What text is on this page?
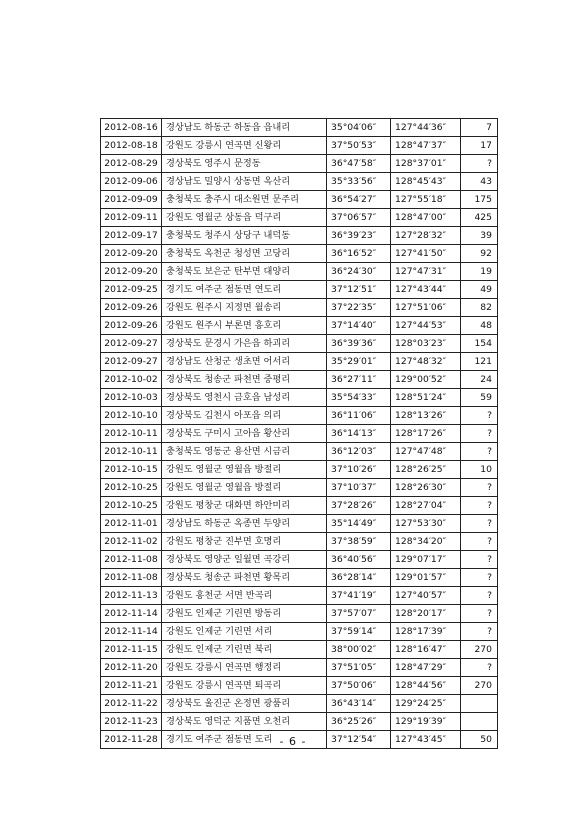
2012-08-16	경상남도 하동군 하동읍 읍내리	35°04′06″	127°44′36″	7
2012-08-18	강원도 강릉시 연곡면 신왕리	37°50′53″	128°47′37″	17
2012-08-29	경상북도 영주시 문정동	36°47′58″	128°37′01″	?
2012-09-06	경상남도 밀양시 상동면 옥산리	35°33′56″	128°45′43″	43
2012-09-09	충청북도 충주시 대소원면 문주리	36°54′27″	127°55′18″	175
2012-09-11	강원도 영월군 상동읍 덕구리	37°06′57″	128°47′00″	425
2012-09-17	충청북도 청주시 상당구 내덕동	36°39′23″	127°28′32″	39
2012-09-20	충청북도 옥천군 청성면 고당리	36°16′52″	127°41′50″	92
2012-09-20	충청북도 보은군 탄부면 대양리	36°24′30″	127°47′31″	19
2012-09-25	경기도 여주군 점동면 연도리	37°12′51″	127°43′44″	49
2012-09-26	강원도 원주시 지정면 월송리	37°22′35″	127°51′06″	82
2012-09-26	강원도 원주시 부론면 흥호리	37°14′40″	127°44′53″	48
2012-09-27	경상북도 문경시 가은읍 하괴리	36°39′36″	128°03′23″	154
2012-09-27	경상남도 산청군 생초면 어서리	35°29′01″	127°48′32″	121
2012-10-02	경상북도 청송군 파천면 중평리	36°27′11″	129°00′52″	24
2012-10-03	경상북도 영천시 금호읍 남성리	35°54′33″	128°51′24″	59
2012-10-10	경상북도 김천시 아포읍 의리	36°11′06″	128°13′26″	?
2012-10-11	경상북도 구미시 고아읍 황산리	36°14′13″	128°17′26″	?
2012-10-11	충청북도 영동군 용산면 시금리	36°12′03″	127°47′48″	?
2012-10-15	강원도 영월군 영월읍 방절리	37°10′26″	128°26′25″	10
2012-10-25	강원도 영월군 영월읍 방절리	37°10′37″	128°26′30″	?
2012-10-25	강원도 평창군 대화면 하안미리	37°28′26″	128°27′04″	?
2012-11-01	경상남도 하동군 옥종면 두양리	35°14′49″	127°53′30″	?
2012-11-02	강원도 평창군 진부면 호명리	37°38′59″	128°34′20″	?
2012-11-08	경상북도 영양군 일월면 곡강리	36°40′56″	129°07′17″	?
2012-11-08	경상북도 청송군 파천면 황목리	36°28′14″	129°01′57″	?
2012-11-13	강원도 홍천군 서면 반곡리	37°41′19″	127°40′57″	?
2012-11-14	강원도 인제군 기린면 방동리	37°57′07″	128°20′17″	?
2012-11-14	강원도 인제군 기린면 서리	37°59′14″	128°17′39″	?
2012-11-15	강원도 인제군 기린면 북리	38°00′02″	128°16′47″	270
2012-11-20	강원도 강릉시 연곡면 행정리	37°51′05″	128°47′29″	?
2012-11-21	강원도 강릉시 연곡면 퇴곡리	37°50′06″	128°44′56″	270
2012-11-22	경상북도 울진군 온정면 광품리	36°43′14″	129°24′25″	
2012-11-23	경상북도 영덕군 지품면 오천리	36°25′26″	129°19′39″	
2012-11-28	경기도 여주군 점동면 도리	37°12′54″	127°43′45″	50
- 6 -
